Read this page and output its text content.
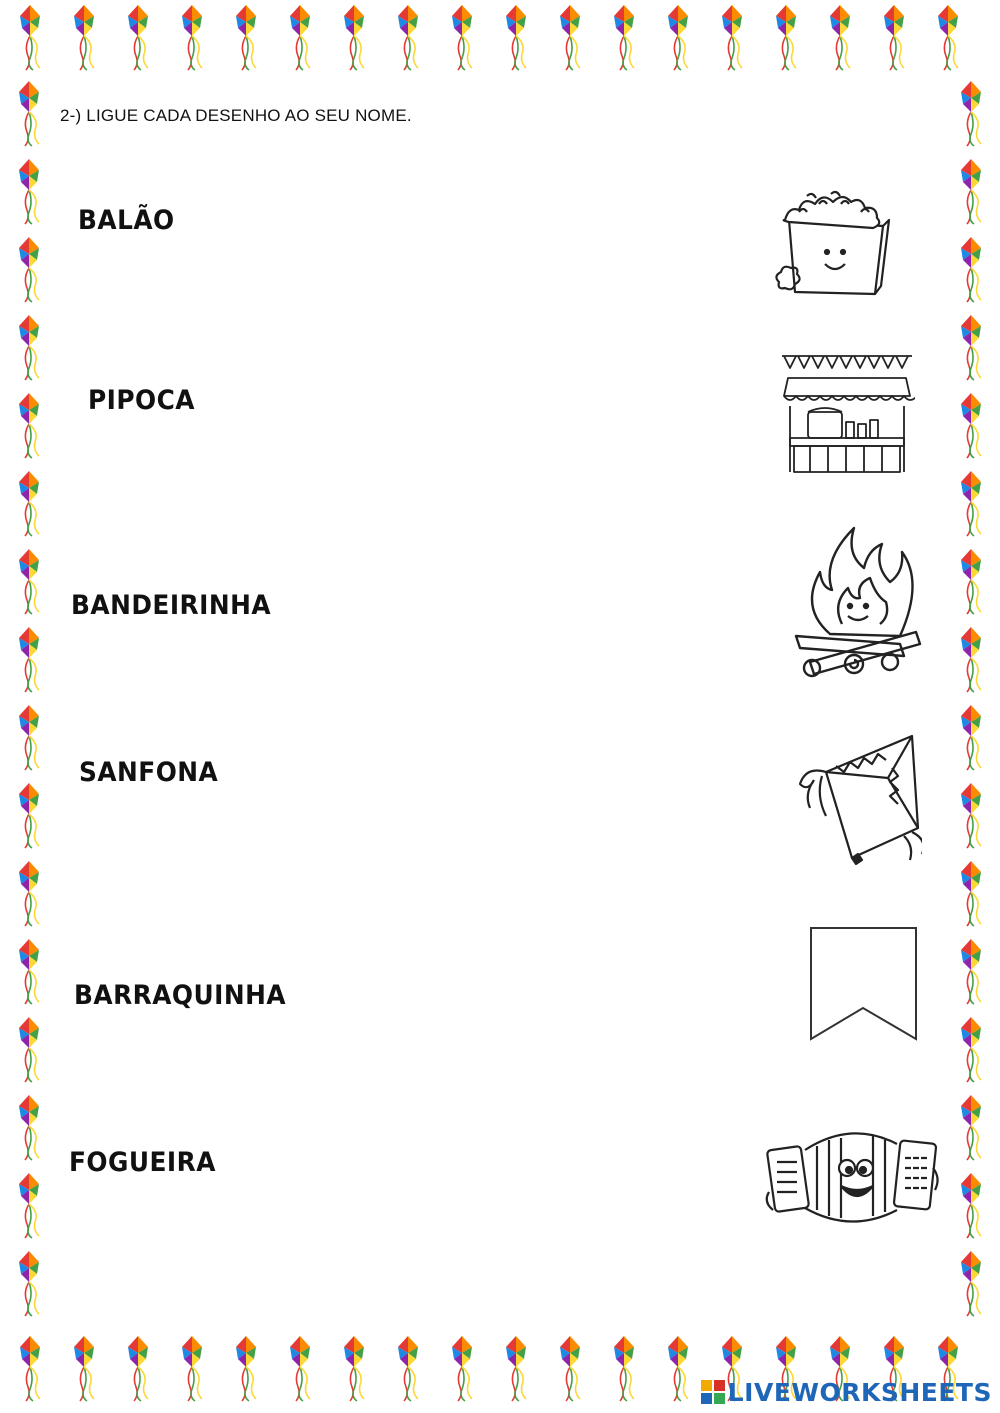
2-) LIGUE CADA DESENHO AO SEU NOME.
BALÃO
PIPOCA
BANDEIRINHA
SANFONA
BARRAQUINHA
FOGUEIRA
LIVEWORKSHEETS
